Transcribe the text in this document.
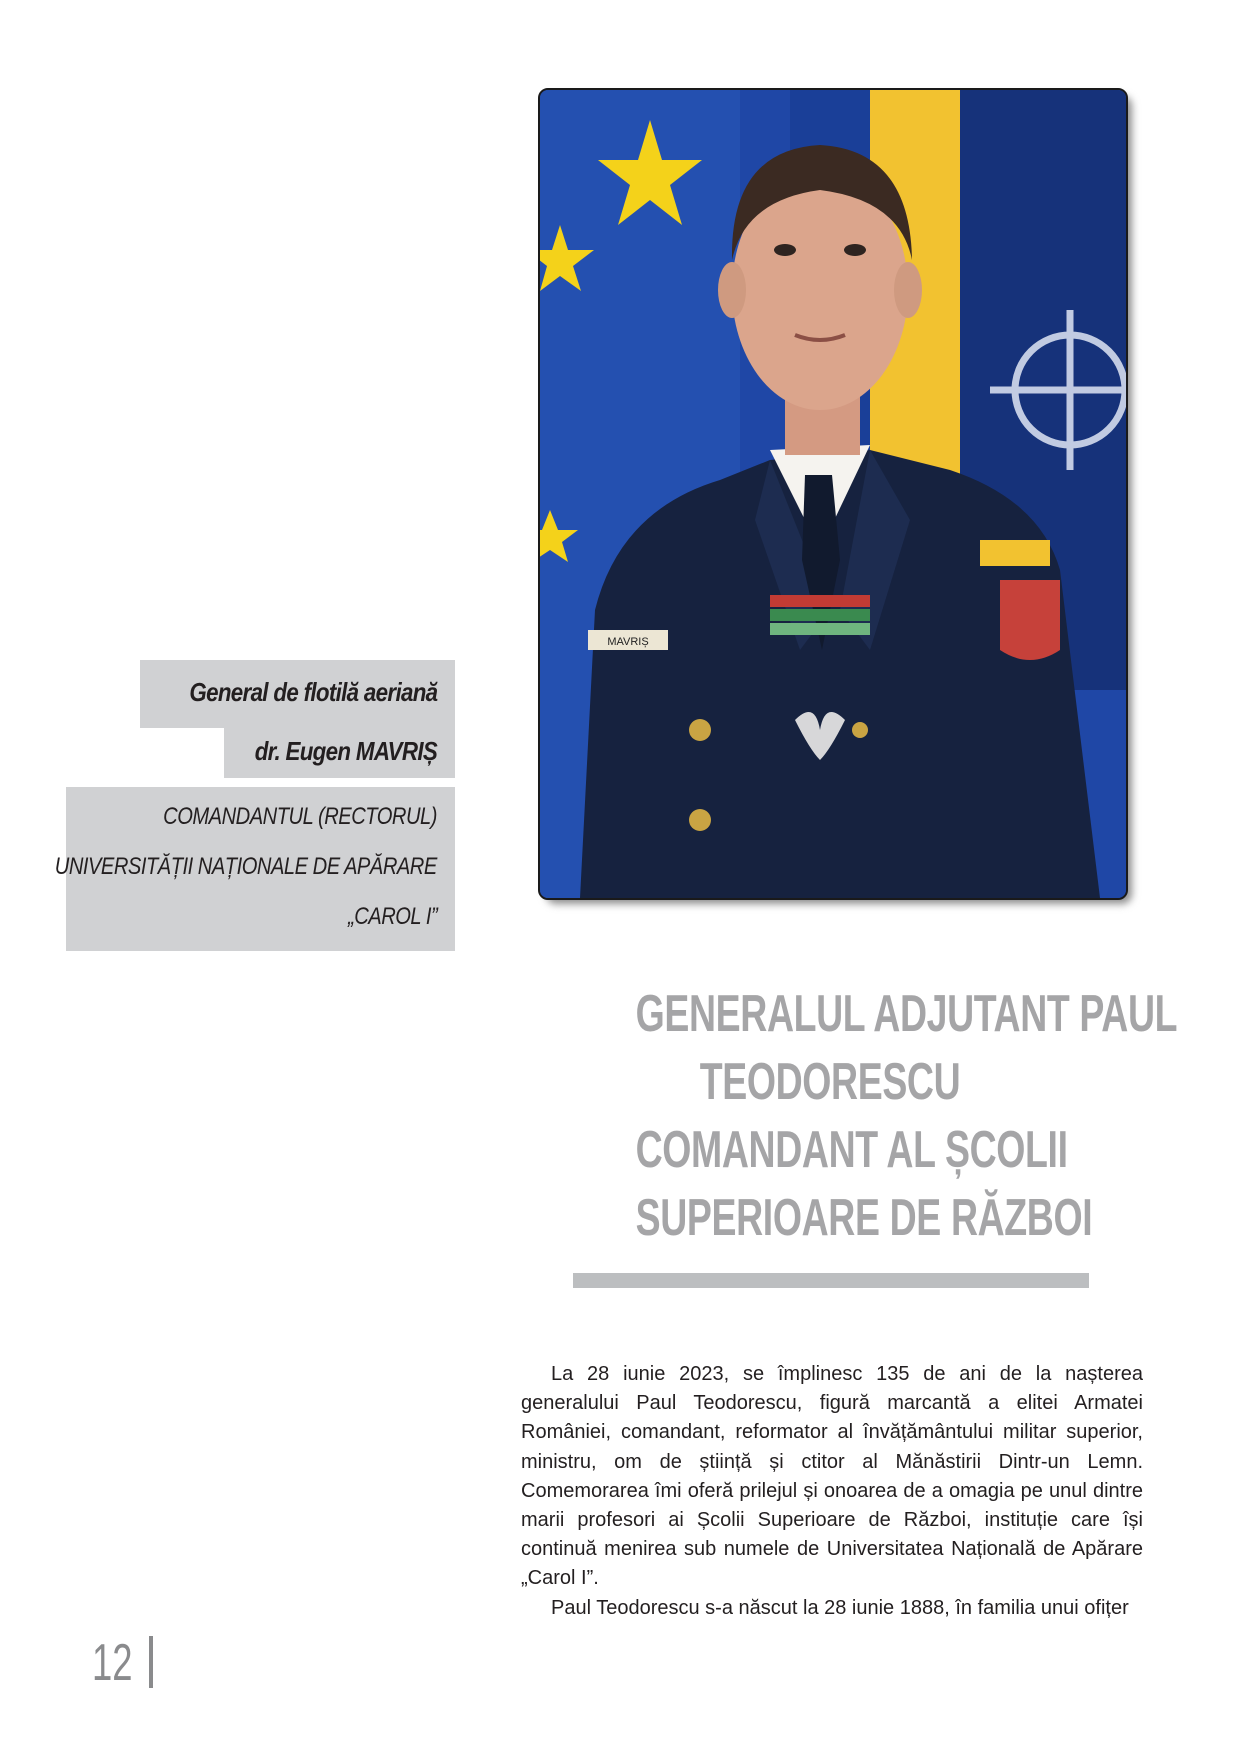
General de flotilă aeriană
dr. Eugen MAVRIȘ
COMANDANTUL (RECTORUL)
UNIVERSITĂȚII NAȚIONALE DE APĂRARE
„CAROL I”
MAVRIȘ
GENERALUL ADJUTANT PAUL
TEODORESCU
COMANDANT AL ȘCOLII
SUPERIOARE DE RĂZBOI

La 28 iunie 2023, se împlinesc 135 de ani de la nașterea generalului Paul Teodorescu, figură marcantă a elitei Armatei României, comandant, reformator al învățământului militar superior, ministru, om de știință și ctitor al Mănăstirii Dintr-un Lemn. Comemorarea îmi oferă prilejul și onoarea de a omagia pe unul dintre marii profesori ai Școlii Superioare de Război, instituție care își continuă menirea sub numele de Universitatea Națională de Apărare „Carol I”.

Paul Teodorescu s-a născut la 28 iunie 1888, în familia unui ofițer

12
